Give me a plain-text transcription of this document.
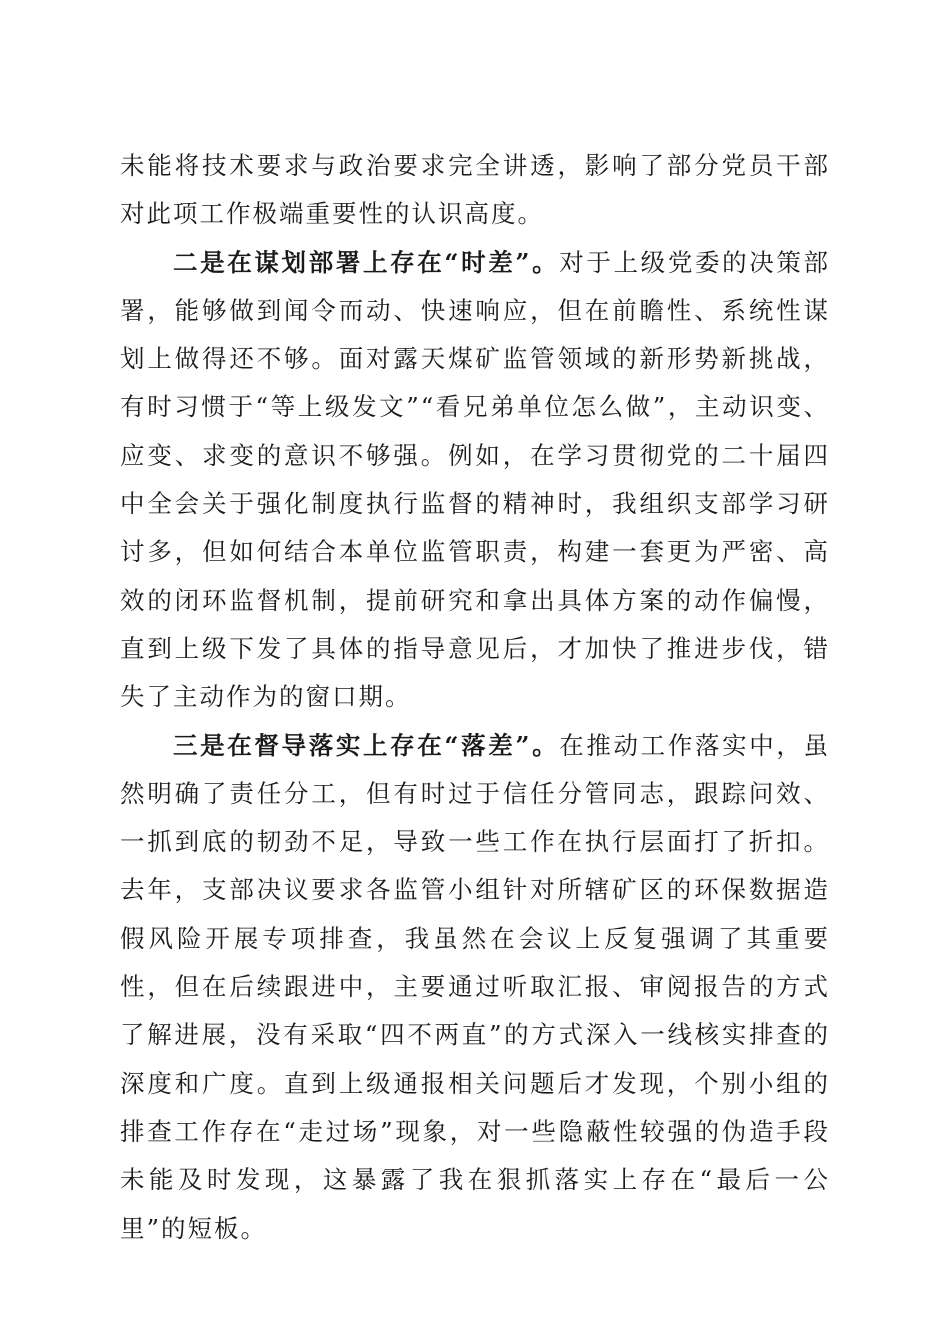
未能将技术要求与政治要求完全讲透，影响了部分党员干部对此项工作极端重要性的认识高度。

二是在谋划部署上存在“时差”。对于上级党委的决策部署，能够做到闻令而动、快速响应，但在前瞻性、系统性谋划上做得还不够。面对露天煤矿监管领域的新形势新挑战，有时习惯于“等上级发文”“看兄弟单位怎么做”，主动识变、应变、求变的意识不够强。例如，在学习贯彻党的二十届四中全会关于强化制度执行监督的精神时，我组织支部学习研讨多，但如何结合本单位监管职责，构建一套更为严密、高效的闭环监督机制，提前研究和拿出具体方案的动作偏慢，直到上级下发了具体的指导意见后，才加快了推进步伐，错失了主动作为的窗口期。

三是在督导落实上存在“落差”。在推动工作落实中，虽然明确了责任分工，但有时过于信任分管同志，跟踪问效、一抓到底的韧劲不足，导致一些工作在执行层面打了折扣。去年，支部决议要求各监管小组针对所辖矿区的环保数据造假风险开展专项排查，我虽然在会议上反复强调了其重要性，但在后续跟进中，主要通过听取汇报、审阅报告的方式了解进展，没有采取“四不两直”的方式深入一线核实排查的深度和广度。直到上级通报相关问题后才发现，个别小组的排查工作存在“走过场”现象，对一些隐蔽性较强的伪造手段未能及时发现，这暴露了我在狠抓落实上存在“最后一公里”的短板。
